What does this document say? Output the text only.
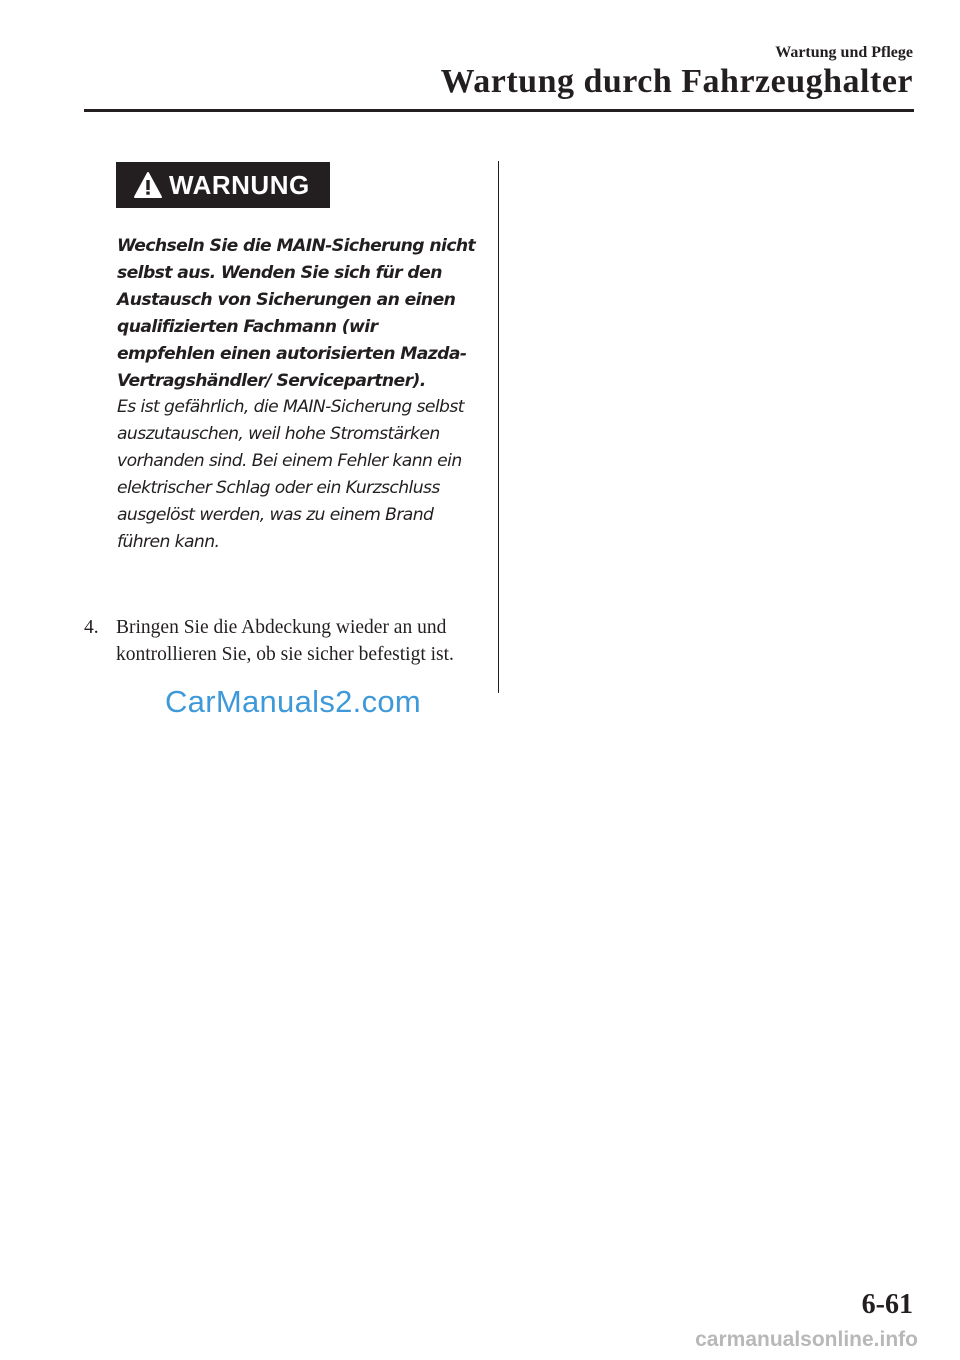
Wartung und Pflege
Wartung durch Fahrzeughalter
WARNUNG

Wechseln Sie die MAIN-Sicherung nicht selbst aus. Wenden Sie sich für den Austausch von Sicherungen an einen qualifizierten Fachmann (wir empfehlen einen autorisierten Mazda-Vertragshändler/ Servicepartner).

Es ist gefährlich, die MAIN-Sicherung selbst auszutauschen, weil hohe Stromstärken vorhanden sind. Bei einem Fehler kann ein elektrischer Schlag oder ein Kurzschluss ausgelöst werden, was zu einem Brand führen kann.

4. Bringen Sie die Abdeckung wieder an und kontrollieren Sie, ob sie sicher befestigt ist.
CarManuals2.com
6-61
carmanualsonline.info
